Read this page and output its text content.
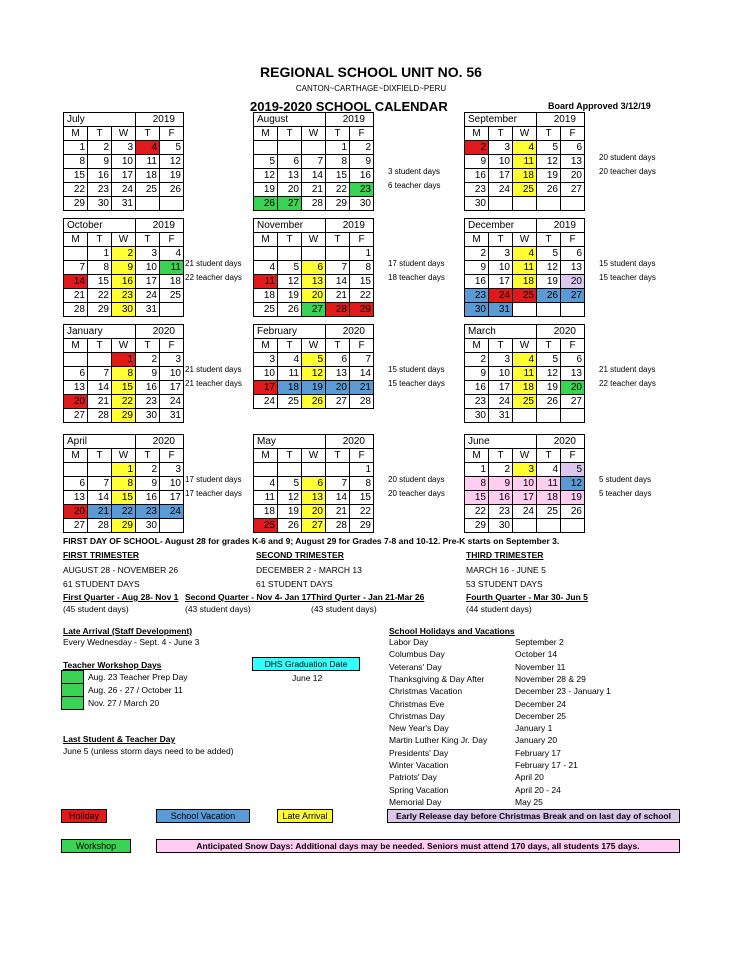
REGIONAL SCHOOL UNIT NO. 56
CANTON~CARTHAGE~DIXFIELD~PERU
2019-2020 SCHOOL CALENDAR	Board Approved 3/12/19
July			2019	
M	T	W	T	F
1	2	3	4	5
8	9	10	11	12
15	16	17	18	19
22	23	24	25	26
29	30	31		
August			2019	
M	T	W	T	F
			1	2
5	6	7	8	9
12	13	14	15	16
19	20	21	22	23
26	27	28	29	30
3 student days
6 teacher days
September			2019	
M	T	W	T	F
2	3	4	5	6
9	10	11	12	13
16	17	18	19	20
23	24	25	26	27
30				
20 student days
20 teacher days
October			2019	
M	T	W	T	F
	1	2	3	4
7	8	9	10	11
14	15	16	17	18
21	22	23	24	25
28	29	30	31	
21 student days
22 teacher days
November			2019	
M	T	W	T	F
				1
4	5	6	7	8
11	12	13	14	15
18	19	20	21	22
25	26	27	28	29
17 student days
18 teacher days
December			2019	
M	T	W	T	F
2	3	4	5	6
9	10	11	12	13
16	17	18	19	20
23	24	25	26	27
30	31			
15 student days
15 teacher days
January			2020	
M	T	W	T	F
		1	2	3
6	7	8	9	10
13	14	15	16	17
20	21	22	23	24
27	28	29	30	31
21 student days
21 teacher days
February			2020	
M	T	W	T	F
3	4	5	6	7
10	11	12	13	14
17	18	19	20	21
24	25	26	27	28
15 student days
15 teacher days
March			2020	
M	T	W	T	F
2	3	4	5	6
9	10	11	12	13
16	17	18	19	20
23	24	25	26	27
30	31			
21 student days
22 teacher days
April			2020	
M	T	W	T	F
		1	2	3
6	7	8	9	10
13	14	15	16	17
20	21	22	23	24
27	28	29	30	
17 student days
17 teacher days
May			2020	
M	T	W	T	F
				1
4	5	6	7	8
11	12	13	14	15
18	19	20	21	22
25	26	27	28	29
20 student days
20 teacher days
June			2020	
M	T	W	T	F
1	2	3	4	5
8	9	10	11	12
15	16	17	18	19
22	23	24	25	26
29	30			
5 student days
5 teacher days
FIRST DAY OF SCHOOL- August 28 for grades K-6 and 9; August 29 for Grades 7-8 and 10-12. Pre-K starts on September 3.
FIRST TRIMESTER
AUGUST 28 - NOVEMBER 26
61 STUDENT DAYS
SECOND TRIMESTER
DECEMBER 2 - MARCH 13
61 STUDENT DAYS
THIRD TRIMESTER
MARCH 16 - JUNE 5
53 STUDENT DAYS
First Quarter - Aug 28- Nov 1
(45 student days)
Second Quarter - Nov 4- Jan 17
(43 student days)
Third Qurter - Jan 21-Mar 26
(43 student days)
Fourth Quarter - Mar 30- Jun 5
(44 student days)
Late Arrival (Staff Development)
Every Wednesday - Sept. 4 - June 3
Teacher Workshop Days
Aug. 23 Teacher Prep Day
Aug. 26 - 27 / October 11
Nov. 27 / March 20
DHS Graduation Date
June 12
Last Student & Teacher Day
June 5 (unless storm days need to be added)
School Holidays and Vacations
Labor Day	September 2
Columbus Day	October 14
Veterans' Day	November 11
Thanksgiving & Day After	November 28 & 29
Christmas Vacation	December 23 - January 1
Christmas Eve	December 24
Christmas Day	December 25
New Year's Day	January 1
Martin Luther King Jr. Day	January 20
Presidents' Day	February 17
Winter Vacation	February 17 - 21
Patriots' Day	April 20
Spring Vacation	April 20 - 24
Memorial Day	May 25
Holiday	School Vacation	Late Arrival	Early Release day before Christmas Break and on last day of school
Workshop	Anticipated Snow Days: Additional days may be needed. Seniors must attend 170 days, all students 175 days.
